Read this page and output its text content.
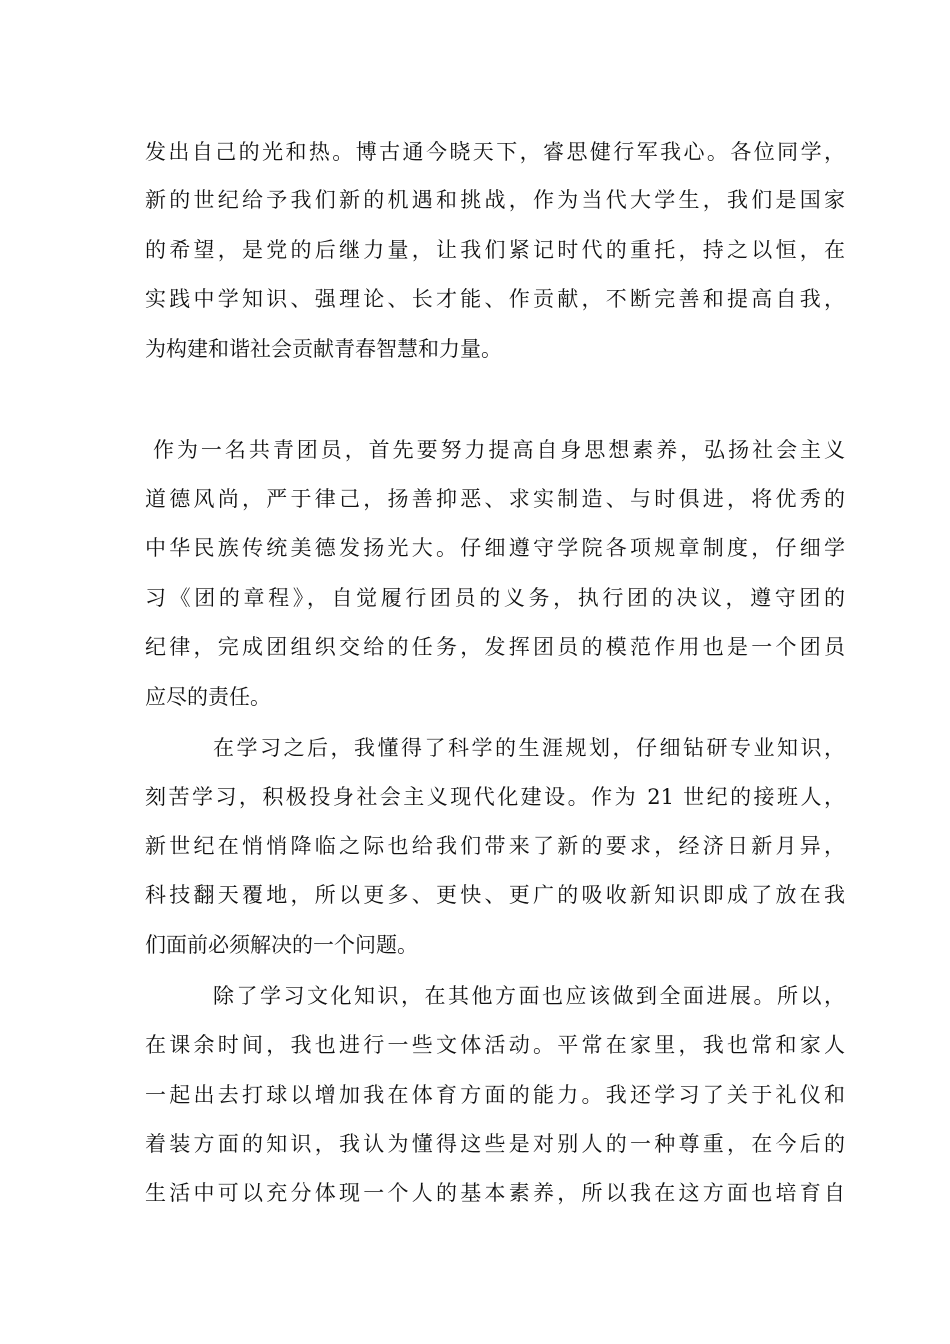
发出自己的光和热。博古通今晓天下，睿思健行军我心。各位同学，

新的世纪给予我们新的机遇和挑战，作为当代大学生，我们是国家

的希望，是党的后继力量，让我们紧记时代的重托，持之以恒，在

实践中学知识、强理论、长才能、作贡献，不断完善和提高自我，

为构建和谐社会贡献青春智慧和力量。

作为一名共青团员，首先要努力提高自身思想素养，弘扬社会主义

道德风尚，严于律己，扬善抑恶、求实制造、与时俱进，将优秀的

中华民族传统美德发扬光大。仔细遵守学院各项规章制度，仔细学

习《团的章程》，自觉履行团员的义务，执行团的决议，遵守团的

纪律，完成团组织交给的任务，发挥团员的模范作用也是一个团员

应尽的责任。

在学习之后，我懂得了科学的生涯规划，仔细钻研专业知识，

刻苦学习，积极投身社会主义现代化建设。作为 21 世纪的接班人，

新世纪在悄悄降临之际也给我们带来了新的要求，经济日新月异，

科技翻天覆地，所以更多、更快、更广的吸收新知识即成了放在我

们面前必须解决的一个问题。

除了学习文化知识，在其他方面也应该做到全面进展。所以，

在课余时间，我也进行一些文体活动。平常在家里，我也常和家人

一起出去打球以增加我在体育方面的能力。我还学习了关于礼仪和

着装方面的知识，我认为懂得这些是对别人的一种尊重，在今后的

生活中可以充分体现一个人的基本素养，所以我在这方面也培育自
